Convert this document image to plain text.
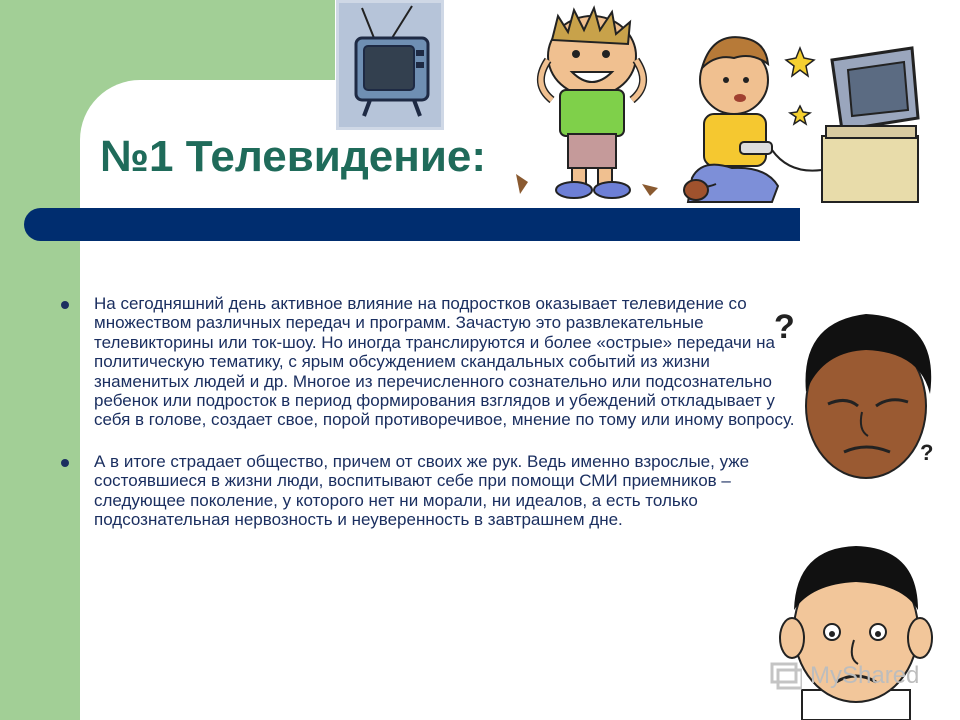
?
?
№1 Телевидение:
На сегодняшний день активное влияние на подростков оказывает телевидение со множеством различных передач и программ. Зачастую это развлекательные телевикторины или ток-шоу. Но иногда транслируются и более «острые» передачи на политическую тематику, с ярым обсуждением скандальных событий из жизни знаменитых людей и др. Многое из перечисленного сознательно или подсознательно ребенок или подросток в период формирования взглядов и убеждений откладывает у себя в голове, создает свое, порой противоречивое, мнение по тому или иному вопросу.
А в итоге страдает общество, причем от своих же рук. Ведь именно взрослые, уже состоявшиеся в жизни люди, воспитывают себе при помощи СМИ приемников – следующее поколение, у которого нет ни морали, ни идеалов, а есть только подсознательная нервозность и неуверенность в завтрашнем дне.
MyShared
